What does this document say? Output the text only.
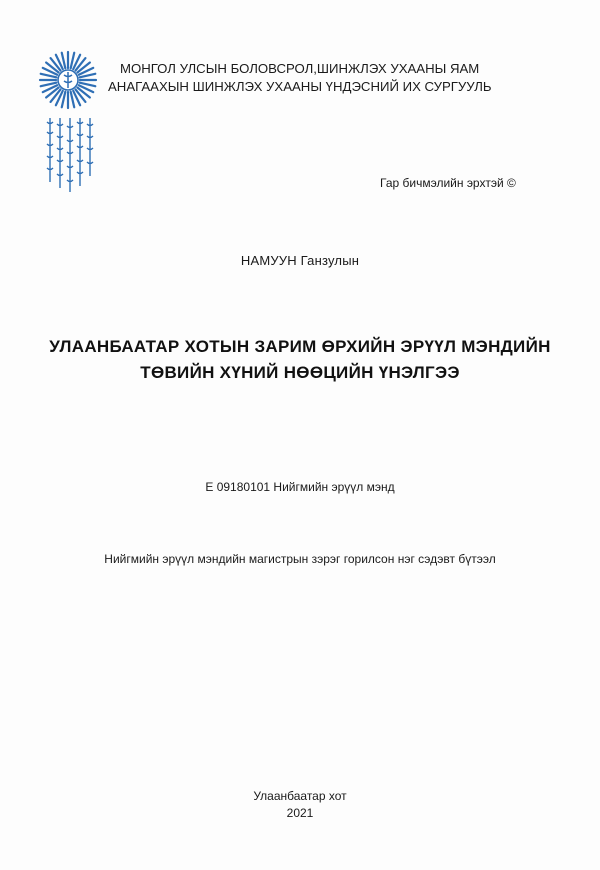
МОНГОЛ УЛСЫН БОЛОВСРОЛ,ШИНЖЛЭХ УХААНЫ ЯАМ
АНАГААХЫН ШИНЖЛЭХ УХААНЫ ҮНДЭСНИЙ ИХ СУРГУУЛЬ
Гар бичмэлийн эрхтэй ©
НАМУУН Ганзулын
УЛААНБААТАР ХОТЫН ЗАРИМ ӨРХИЙН ЭРҮҮЛ МЭНДИЙН
ТӨВИЙН ХҮНИЙ НӨӨЦИЙН ҮНЭЛГЭЭ
Е 09180101 Нийгмийн эрүүл мэнд
Нийгмийн эрүүл мэндийн магистрын зэрэг горилсон нэг сэдэвт бүтээл
Улаанбаатар хот
2021
